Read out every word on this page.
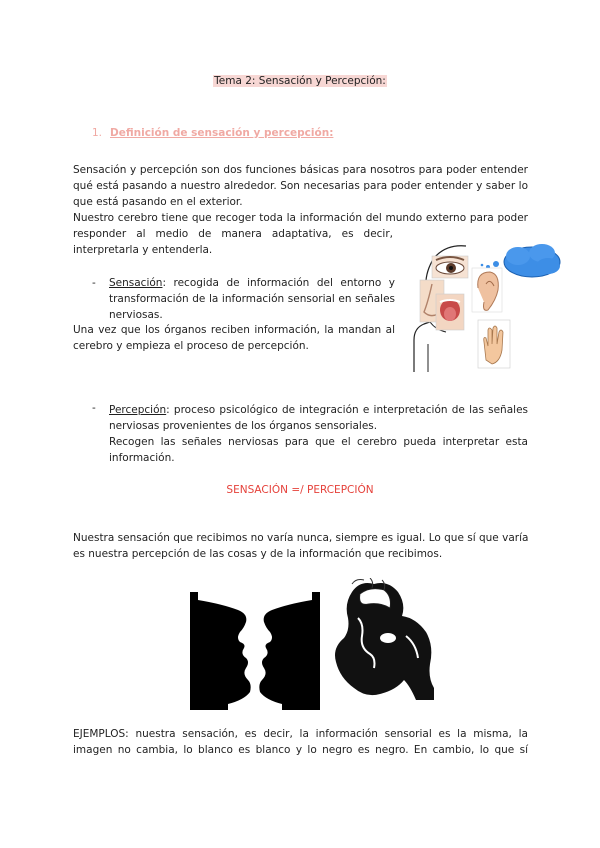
Tema 2: Sensación y Percepción:
1. Definición de sensación y percepción:
Sensación y percepción son dos funciones básicas para nosotros para poder entender
qué está pasando a nuestro alrededor. Son necesarias para poder entender y saber lo
que está pasando en el exterior.
Nuestro cerebro tiene que recoger toda la información del mundo externo para poder
responder al medio de manera adaptativa, es decir,
interpretarla y entenderla.
- Sensación: recogida de información del entorno y
transformación de la información sensorial en señales
nerviosas.
Una vez que los órganos reciben información, la mandan al
cerebro y empieza el proceso de percepción.
- Percepción: proceso psicológico de integración e interpretación de las señales
nerviosas provenientes de los órganos sensoriales.
Recogen las señales nerviosas para que el cerebro pueda interpretar esta
información.
SENSACIÓN =/ PERCEPCIÓN
Nuestra sensación que recibimos no varía nunca, siempre es igual. Lo que sí que varía
es nuestra percepción de las cosas y de la información que recibimos.
EJEMPLOS: nuestra sensación, es decir, la información sensorial es la misma, la
imagen no cambia, lo blanco es blanco y lo negro es negro. En cambio, lo que sí
